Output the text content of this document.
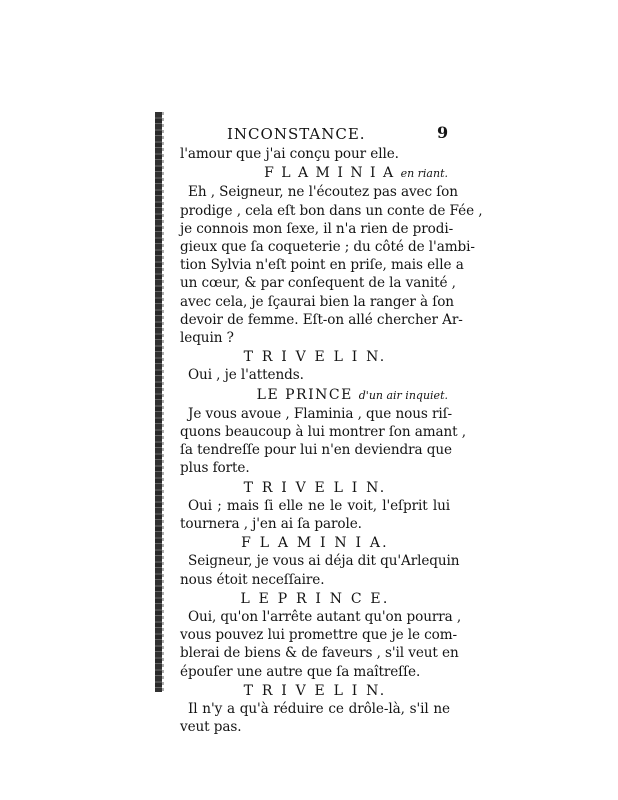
INCONSTANCE.	9

l'amour que j'ai conçu pour elle.

F L A M I N I A en riant.

Eh , Seigneur, ne l'écoutez pas avec ſon

prodige , cela eſt bon dans un conte de Fée ,

je connois mon ſexe, il n'a rien de prodi-

gieux que ſa coqueterie ; du côté de l'ambi-

tion Sylvia n'eſt point en priſe, mais elle a

un cœur, & par conſequent de la vanité ,

avec cela, je ſçaurai bien la ranger à ſon

devoir de femme. Eſt-on allé chercher Ar-

lequin ?

T R I V E L I N.

Oui , je l'attends.

LE PRINCE d'un air inquiet.

Je vous avoue , Flaminia , que nous riſ-

quons beaucoup à lui montrer ſon amant ,

ſa tendreſſe pour lui n'en deviendra que

plus forte.

T R I V E L I N.

Oui ; mais ſi elle ne le voit, l'eſprit lui

tournera , j'en ai ſa parole.

F L A M I N I A.

Seigneur, je vous ai déja dit qu'Arlequin

nous étoit neceſſaire.

L E P R I N C E.

Oui, qu'on l'arrête autant qu'on pourra ,

vous pouvez lui promettre que je le com-

blerai de biens & de faveurs , s'il veut en

épouſer une autre que ſa maîtreſſe.

T R I V E L I N.

Il n'y a qu'à réduire ce drôle-là, s'il ne

veut pas.
